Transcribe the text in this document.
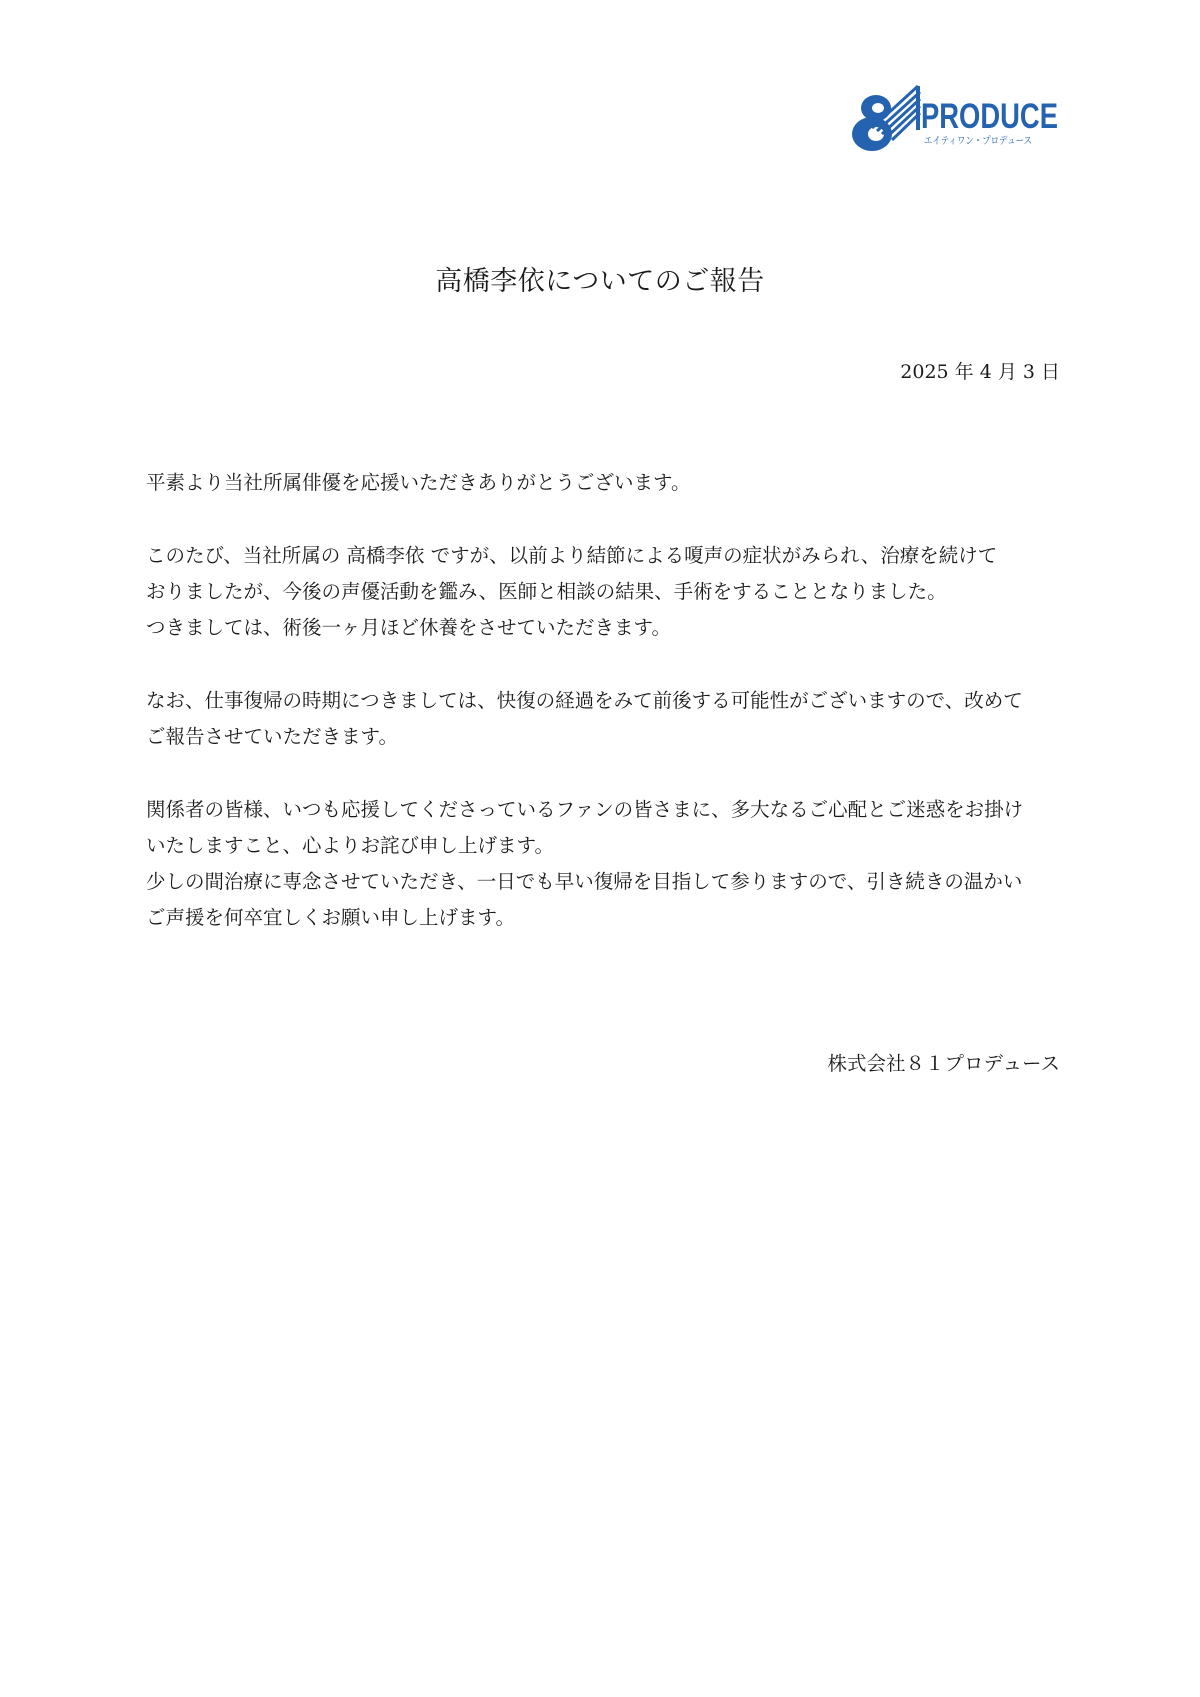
PRODUCE
エイティワン・プロデュース
高橋李依についてのご報告
2025 年 4 月 3 日

平素より当社所属俳優を応援いただきありがとうございます。

このたび、当社所属の 高橋李依 ですが、以前より結節による嗄声の症状がみられ、治療を続けて
おりましたが、今後の声優活動を鑑み、医師と相談の結果、手術をすることとなりました。
つきましては、術後一ヶ月ほど休養をさせていただきます。

なお、仕事復帰の時期につきましては、快復の経過をみて前後する可能性がございますので、改めて
ご報告させていただきます。

関係者の皆様、いつも応援してくださっているファンの皆さまに、多大なるご心配とご迷惑をお掛け
いたしますこと、心よりお詫び申し上げます。
少しの間治療に専念させていただき、一日でも早い復帰を目指して参りますので、引き続きの温かい
ご声援を何卒宜しくお願い申し上げます。

株式会社８１プロデュース
